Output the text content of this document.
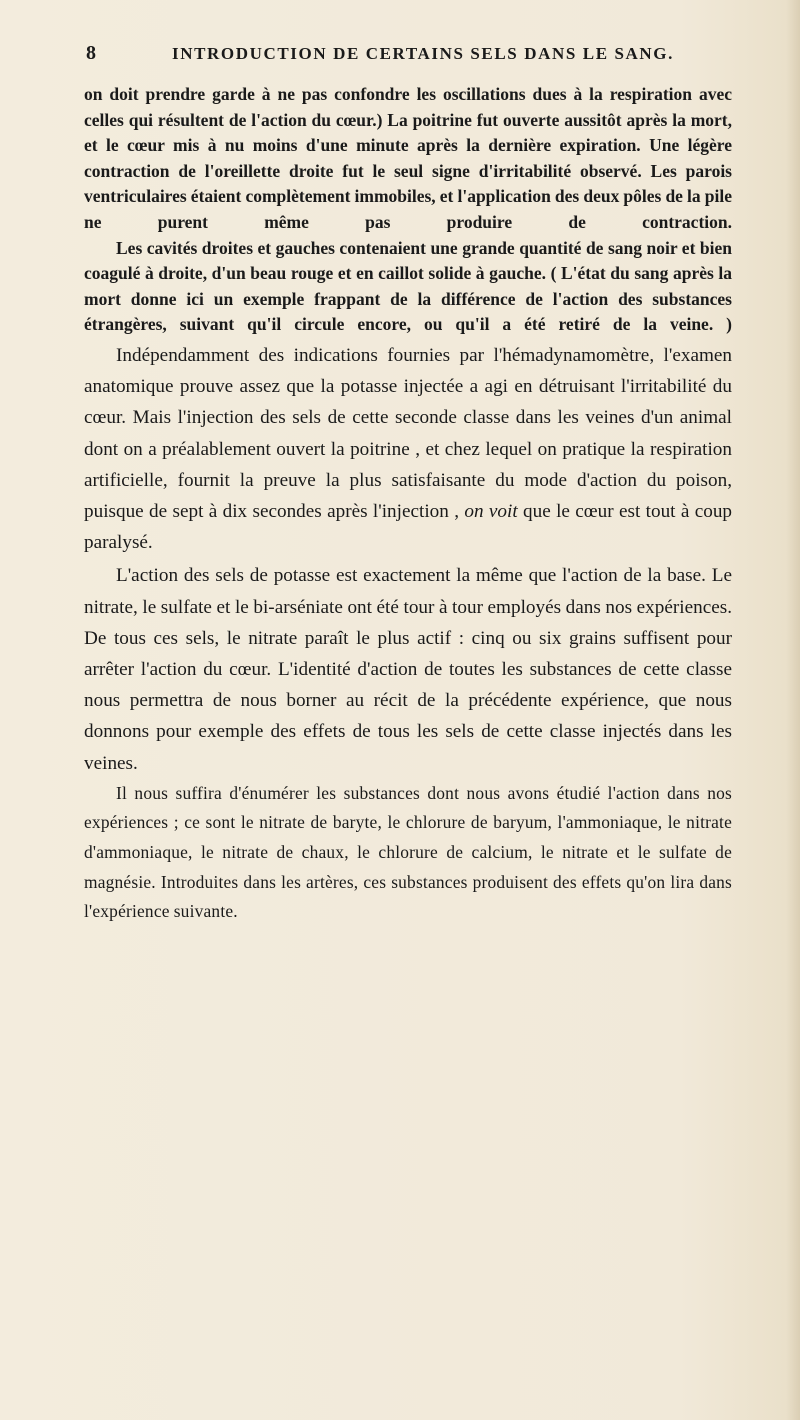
8	INTRODUCTION DE CERTAINS SELS DANS LE SANG.

on doit prendre garde à ne pas confondre les oscillations dues à la respiration avec celles qui résultent de l'action du cœur.) La poitrine fut ouverte aussitôt après la mort, et le cœur mis à nu moins d'une minute après la dernière expiration. Une légère contraction de l'oreillette droite fut le seul signe d'irritabilité observé. Les parois ventriculaires étaient complètement immobiles, et l'application des deux pôles de la pile ne purent même pas produire de contraction.

Les cavités droites et gauches contenaient une grande quantité de sang noir et bien coagulé à droite, d'un beau rouge et en caillot solide à gauche. ( L'état du sang après la mort donne ici un exemple frappant de la différence de l'action des substances étrangères, suivant qu'il circule encore, ou qu'il a été retiré de la veine. )

Indépendamment des indications fournies par l'hémadynamomètre, l'examen anatomique prouve assez que la potasse injectée a agi en détruisant l'irritabilité du cœur. Mais l'injection des sels de cette seconde classe dans les veines d'un animal dont on a préalablement ouvert la poitrine , et chez lequel on pratique la respiration artificielle, fournit la preuve la plus satisfaisante du mode d'action du poison, puisque de sept à dix secondes après l'injection , on voit que le cœur est tout à coup paralysé.

L'action des sels de potasse est exactement la même que l'action de la base. Le nitrate, le sulfate et le bi-arséniate ont été tour à tour employés dans nos expériences. De tous ces sels, le nitrate paraît le plus actif : cinq ou six grains suffisent pour arrêter l'action du cœur. L'identité d'action de toutes les substances de cette classe nous permettra de nous borner au récit de la précédente expérience, que nous donnons pour exemple des effets de tous les sels de cette classe injectés dans les veines.

Il nous suffira d'énumérer les substances dont nous avons étudié l'action dans nos expériences ; ce sont le nitrate de baryte, le chlorure de baryum, l'ammoniaque, le nitrate d'ammoniaque, le nitrate de chaux, le chlorure de calcium, le nitrate et le sulfate de magnésie. Introduites dans les artères, ces substances produisent des effets qu'on lira dans l'expérience suivante.
